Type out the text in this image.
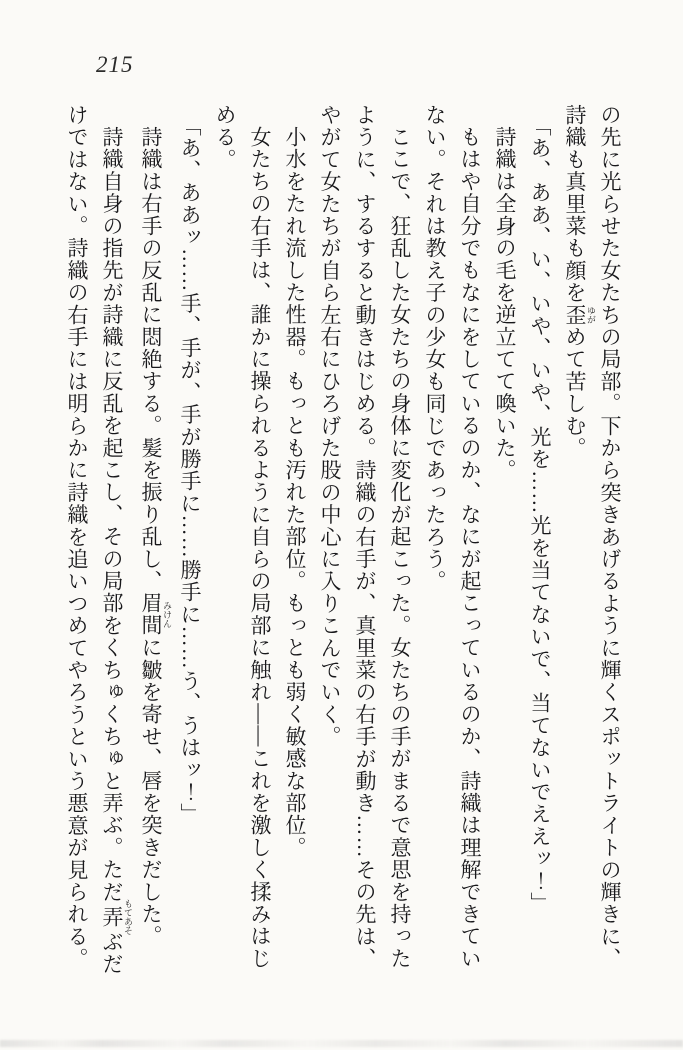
215

の先に光らせた女たちの局部。下から突きあげるように輝くスポットライトの輝きに、詩織も真里菜も顔を歪 ゆがめて苦しむ。

「あ、ああ、い、いや、いや、光を……光を当てないで、当てないでええッ！」

詩織は全身の毛を逆立てて喚いた。

もはや自分でもなにをしているのか、なにが起こっているのか、詩織は理解できていない。それは教え子の少女も同じであったろう。

ここで、狂乱した女たちの身体に変化が起こった。女たちの手がまるで意思を持ったように、するすると動きはじめる。詩織の右手が、真里菜の右手が動き……その先は、やがて女たちが自ら左右にひろげた股の中心に入りこんでいく。

小水をたれ流した性器。もっとも汚れた部位。もっとも弱く敏感な部位。

女たちの右手は、誰かに操られるように自らの局部に触れ——これを激しく揉みはじめる。

「あ、ああッ……手、手が、手が勝手に……勝手に……う、うはッ！」

詩織は右手の反乱に悶絶する。髪を振り乱し、眉間 みけんに皺を寄せ、唇を突きだした。

詩織自身の指先が詩織に反乱を起こし、その局部をくちゅくちゅと弄ぶ。ただ弄 もてあそぶだけではない。詩織の右手には明らかに詩織を追いつめてやろうという悪意が見られる。
